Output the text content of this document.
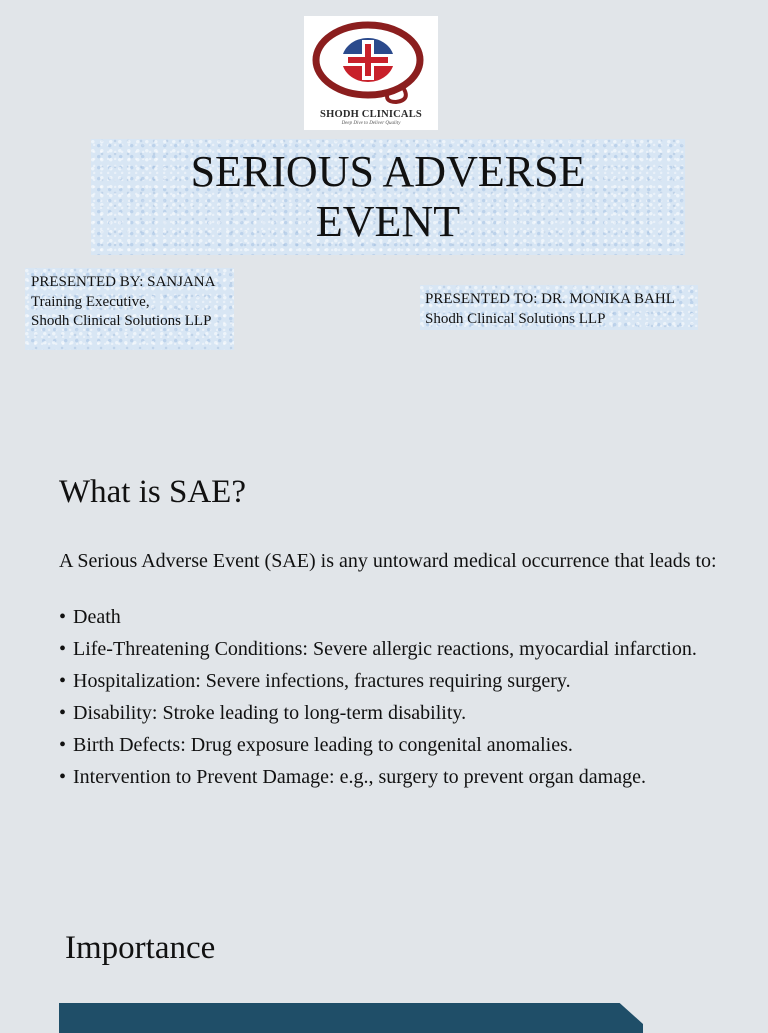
SHODH CLINICALS
Deep Dive to Deliver Quality
SERIOUS ADVERSE
EVENT
PRESENTED BY: SANJANA
Training Executive,
Shodh Clinical Solutions LLP
PRESENTED TO: DR. MONIKA BAHL
Shodh Clinical Solutions LLP
What is SAE?
A Serious Adverse Event (SAE) is any untoward medical occurrence that leads to:
• Death
• Life-Threatening Conditions: Severe allergic reactions, myocardial infarction.
• Hospitalization: Severe infections, fractures requiring surgery.
• Disability: Stroke leading to long-term disability.
• Birth Defects: Drug exposure leading to congenital anomalies.
• Intervention to Prevent Damage: e.g., surgery to prevent organ damage.
Importance
